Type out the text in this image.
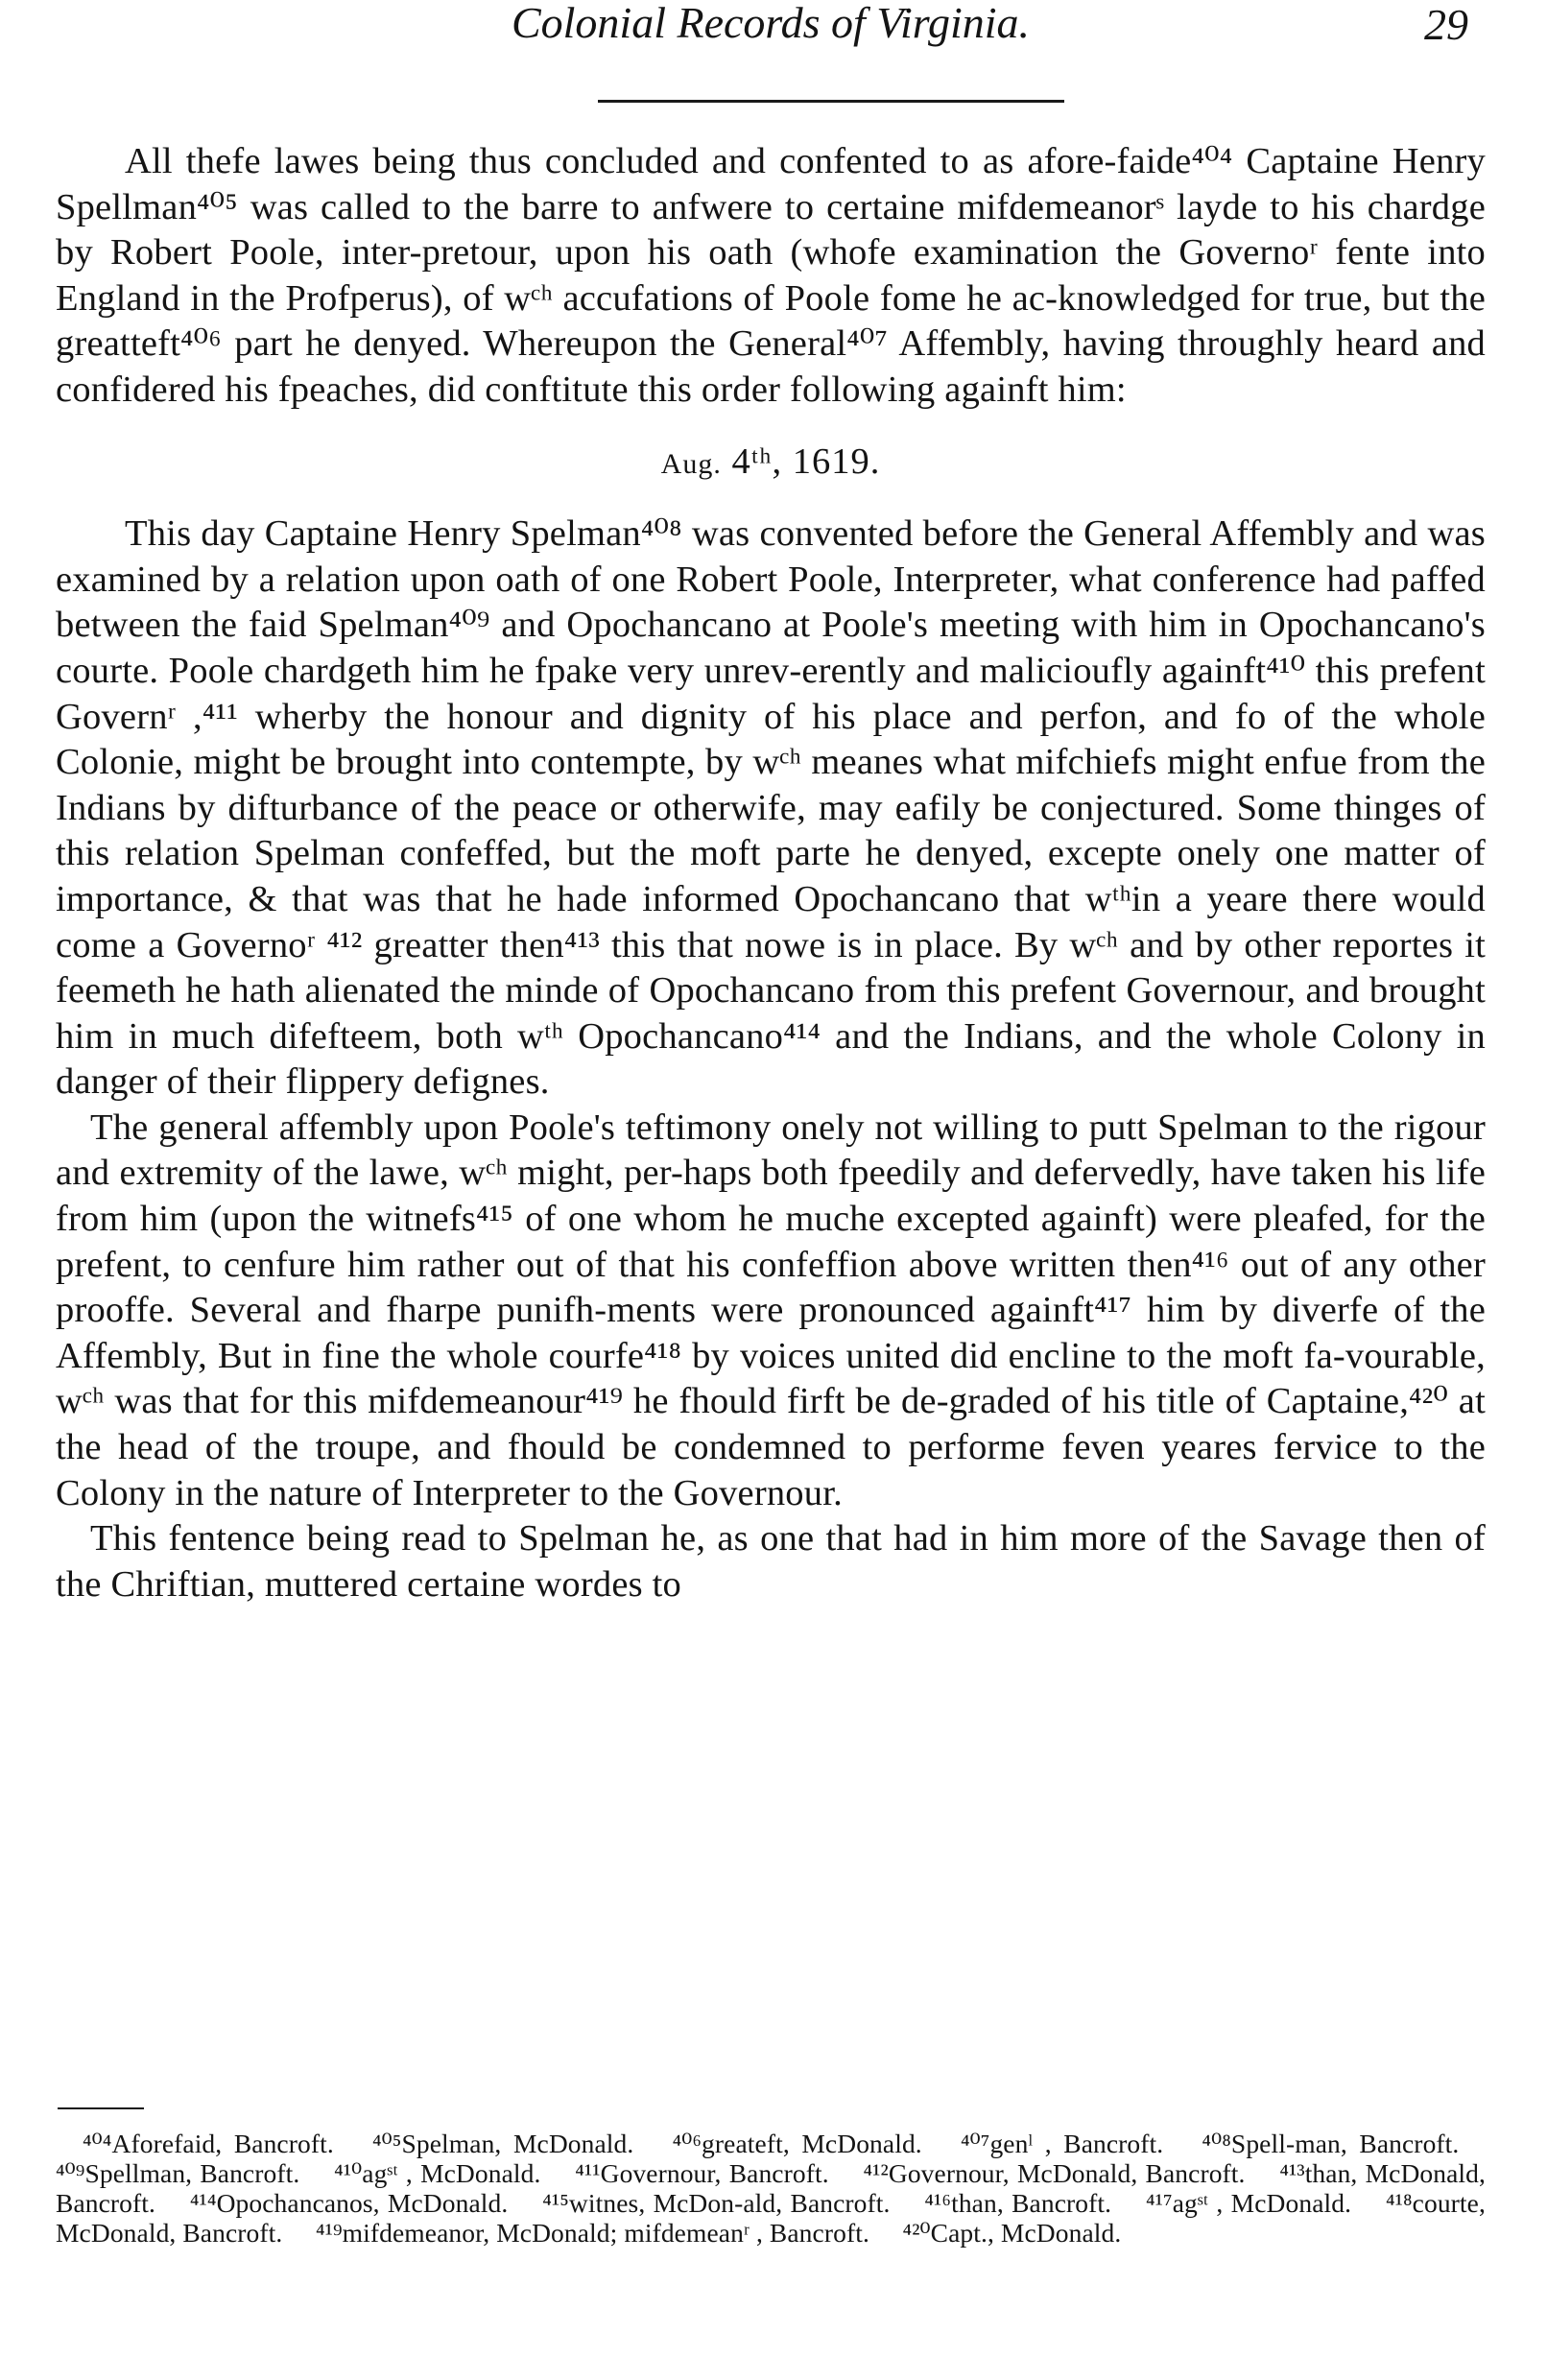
Colonial Records of Virginia.	29

All thefe lawes being thus concluded and confented to as afore-faide⁴⁰⁴ Captaine Henry Spellman⁴⁰⁵ was called to the barre to anfwere to certaine mifdemeanorˢ layde to his chardge by Robert Poole, inter-pretour, upon his oath (whofe examination the Governoʳ fente into England in the Profperus), of wᶜʰ accufations of Poole fome he ac-knowledged for true, but the greatteft⁴⁰⁶ part he denyed. Whereupon the General⁴⁰⁷ Affembly, having throughly heard and confidered his fpeaches, did conftitute this order following againft him:

Aug. 4ᵗʰ, 1619.

This day Captaine Henry Spelman⁴⁰⁸ was convented before the General Affembly and was examined by a relation upon oath of one Robert Poole, Interpreter, what conference had paffed between the faid Spelman⁴⁰⁹ and Opochancano at Poole's meeting with him in Opochancano's courte. Poole chardgeth him he fpake very unrev-erently and malicioufly againft⁴¹⁰ this prefent Governʳ ,⁴¹¹ wherby the honour and dignity of his place and perfon, and fo of the whole Colonie, might be brought into contempte, by wᶜʰ meanes what mifchiefs might enfue from the Indians by difturbance of the peace or otherwife, may eafily be conjectured. Some thinges of this relation Spelman confeffed, but the moft parte he denyed, excepte onely one matter of importance, & that was that he hade informed Opochancano that wᵗʰin a yeare there would come a Governoʳ ⁴¹² greatter then⁴¹³ this that nowe is in place. By wᶜʰ and by other reportes it feemeth he hath alienated the minde of Opochancano from this prefent Governour, and brought him in much difefteem, both wᵗʰ Opochancano⁴¹⁴ and the Indians, and the whole Colony in danger of their flippery defignes.

The general affembly upon Poole's teftimony onely not willing to putt Spelman to the rigour and extremity of the lawe, wᶜʰ might, per-haps both fpeedily and defervedly, have taken his life from him (upon the witnefs⁴¹⁵ of one whom he muche excepted againft) were pleafed, for the prefent, to cenfure him rather out of that his confeffion above written then⁴¹⁶ out of any other prooffe. Several and fharpe punifh-ments were pronounced againft⁴¹⁷ him by diverfe of the Affembly, But in fine the whole courfe⁴¹⁸ by voices united did encline to the moft fa-vourable, wᶜʰ was that for this mifdemeanour⁴¹⁹ he fhould firft be de-graded of his title of Captaine,⁴²⁰ at the head of the troupe, and fhould be condemned to performe feven yeares fervice to the Colony in the nature of Interpreter to the Governour.

This fentence being read to Spelman he, as one that had in him more of the Savage then of the Chriftian, muttered certaine wordes to

⁴⁰⁴Aforefaid, Bancroft.  ⁴⁰⁵Spelman, McDonald.  ⁴⁰⁶greateft, McDonald.  ⁴⁰⁷genˡ , Bancroft.  ⁴⁰⁸Spell-man, Bancroft.  ⁴⁰⁹Spellman, Bancroft.  ⁴¹⁰agˢᵗ , McDonald.  ⁴¹¹Governour, Bancroft.  ⁴¹²Governour, McDonald, Bancroft.  ⁴¹³than, McDonald, Bancroft.  ⁴¹⁴Opochancanos, McDonald.  ⁴¹⁵witnes, McDon-ald, Bancroft.  ⁴¹⁶than, Bancroft.  ⁴¹⁷agˢᵗ , McDonald.  ⁴¹⁸courte, McDonald, Bancroft.  ⁴¹⁹mifdemeanor, McDonald; mifdemeanʳ , Bancroft.  ⁴²⁰Capt., McDonald.
